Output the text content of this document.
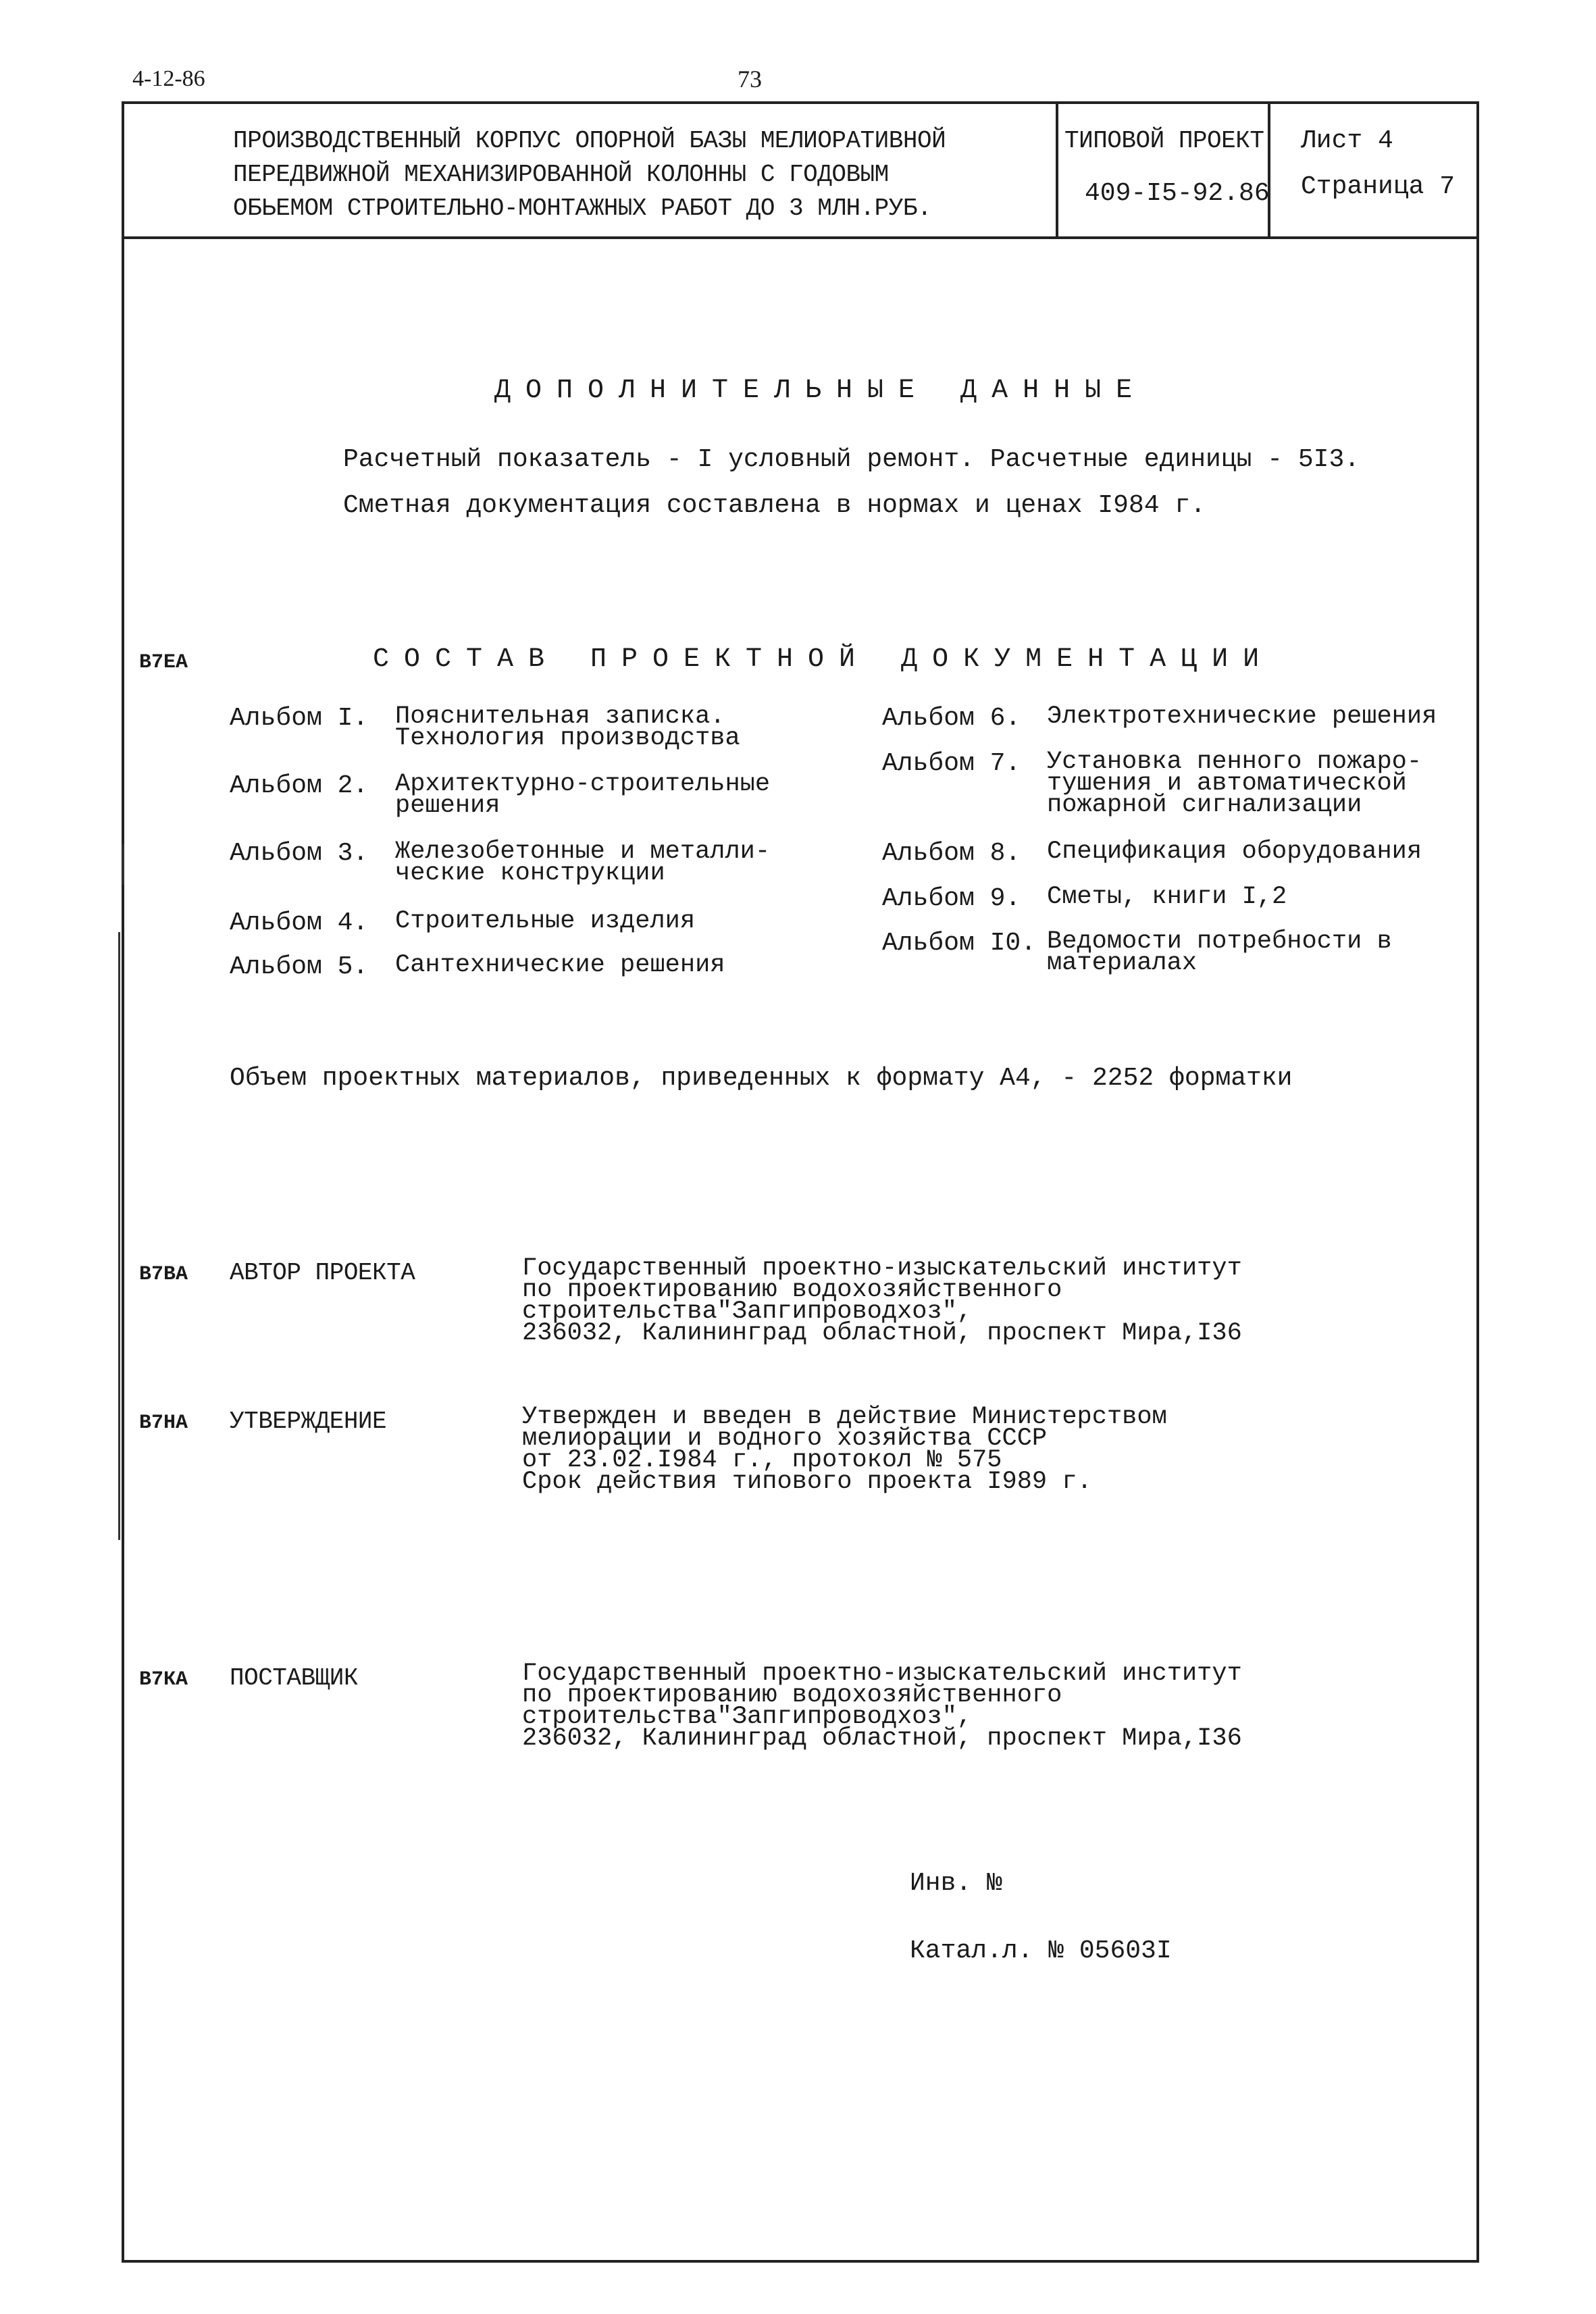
4-12-86	73
ПРОИЗВОДСТВЕННЫЙ КОРПУС ОПОРНОЙ БАЗЫ МЕЛИОРАТИВНОЙ
ПЕРЕДВИЖНОЙ МЕХАНИЗИРОВАННОЙ КОЛОННЫ С ГОДОВЫМ
ОБЬЕМОМ СТРОИТЕЛЬНО-МОНТАЖНЫХ РАБОТ ДО 3 МЛН.РУБ.
ТИПОВОЙ ПРОЕКТ
409-I5-92.86
Лист 4
Страница 7
ДОПОЛНИТЕЛЬНЫЕ ДАННЫЕ
Расчетный показатель - I условный ремонт. Расчетные единицы - 5I3.
Сметная документация составлена в нормах и ценах I984 г.
В7ЕА	СОСТАВ ПРОЕКТНОЙ ДОКУМЕНТАЦИИ
Альбом I. Пояснительная записка.
Технология производства
Альбом 2. Архитектурно-строительные
решения
Альбом 3. Железобетонные и металли-
ческие конструкции
Альбом 4. Строительные изделия
Альбом 5. Сантехнические решения
Альбом 6. Электротехнические решения
Альбом 7. Установка пенного пожаро-
тушения и автоматической
пожарной сигнализации
Альбом 8. Спецификация оборудования
Альбом 9. Сметы, книги I,2
Альбом I0. Ведомости потребности в
материалах
Объем проектных материалов, приведенных к формату А4, - 2252 форматки
В7ВА АВТОР ПРОЕКТА	Государственный проектно-изыскательский институт
по проектированию водохозяйственного
строительства"Запгипроводхоз",
236032, Калининград областной, проспект Мира,I36
В7НА УТВЕРЖДЕНИЕ	Утвержден и введен в действие Министерством
мелиорации и водного хозяйства СССР
от 23.02.I984 г., протокол № 575
Срок действия типового проекта I989 г.
В7КА ПОСТАВЩИК	Государственный проектно-изыскательский институт
по проектированию водохозяйственного
строительства"Запгипроводхоз",
236032, Калининград областной, проспект Мира,I36
Инв. №
Катал.л. № 05603I
